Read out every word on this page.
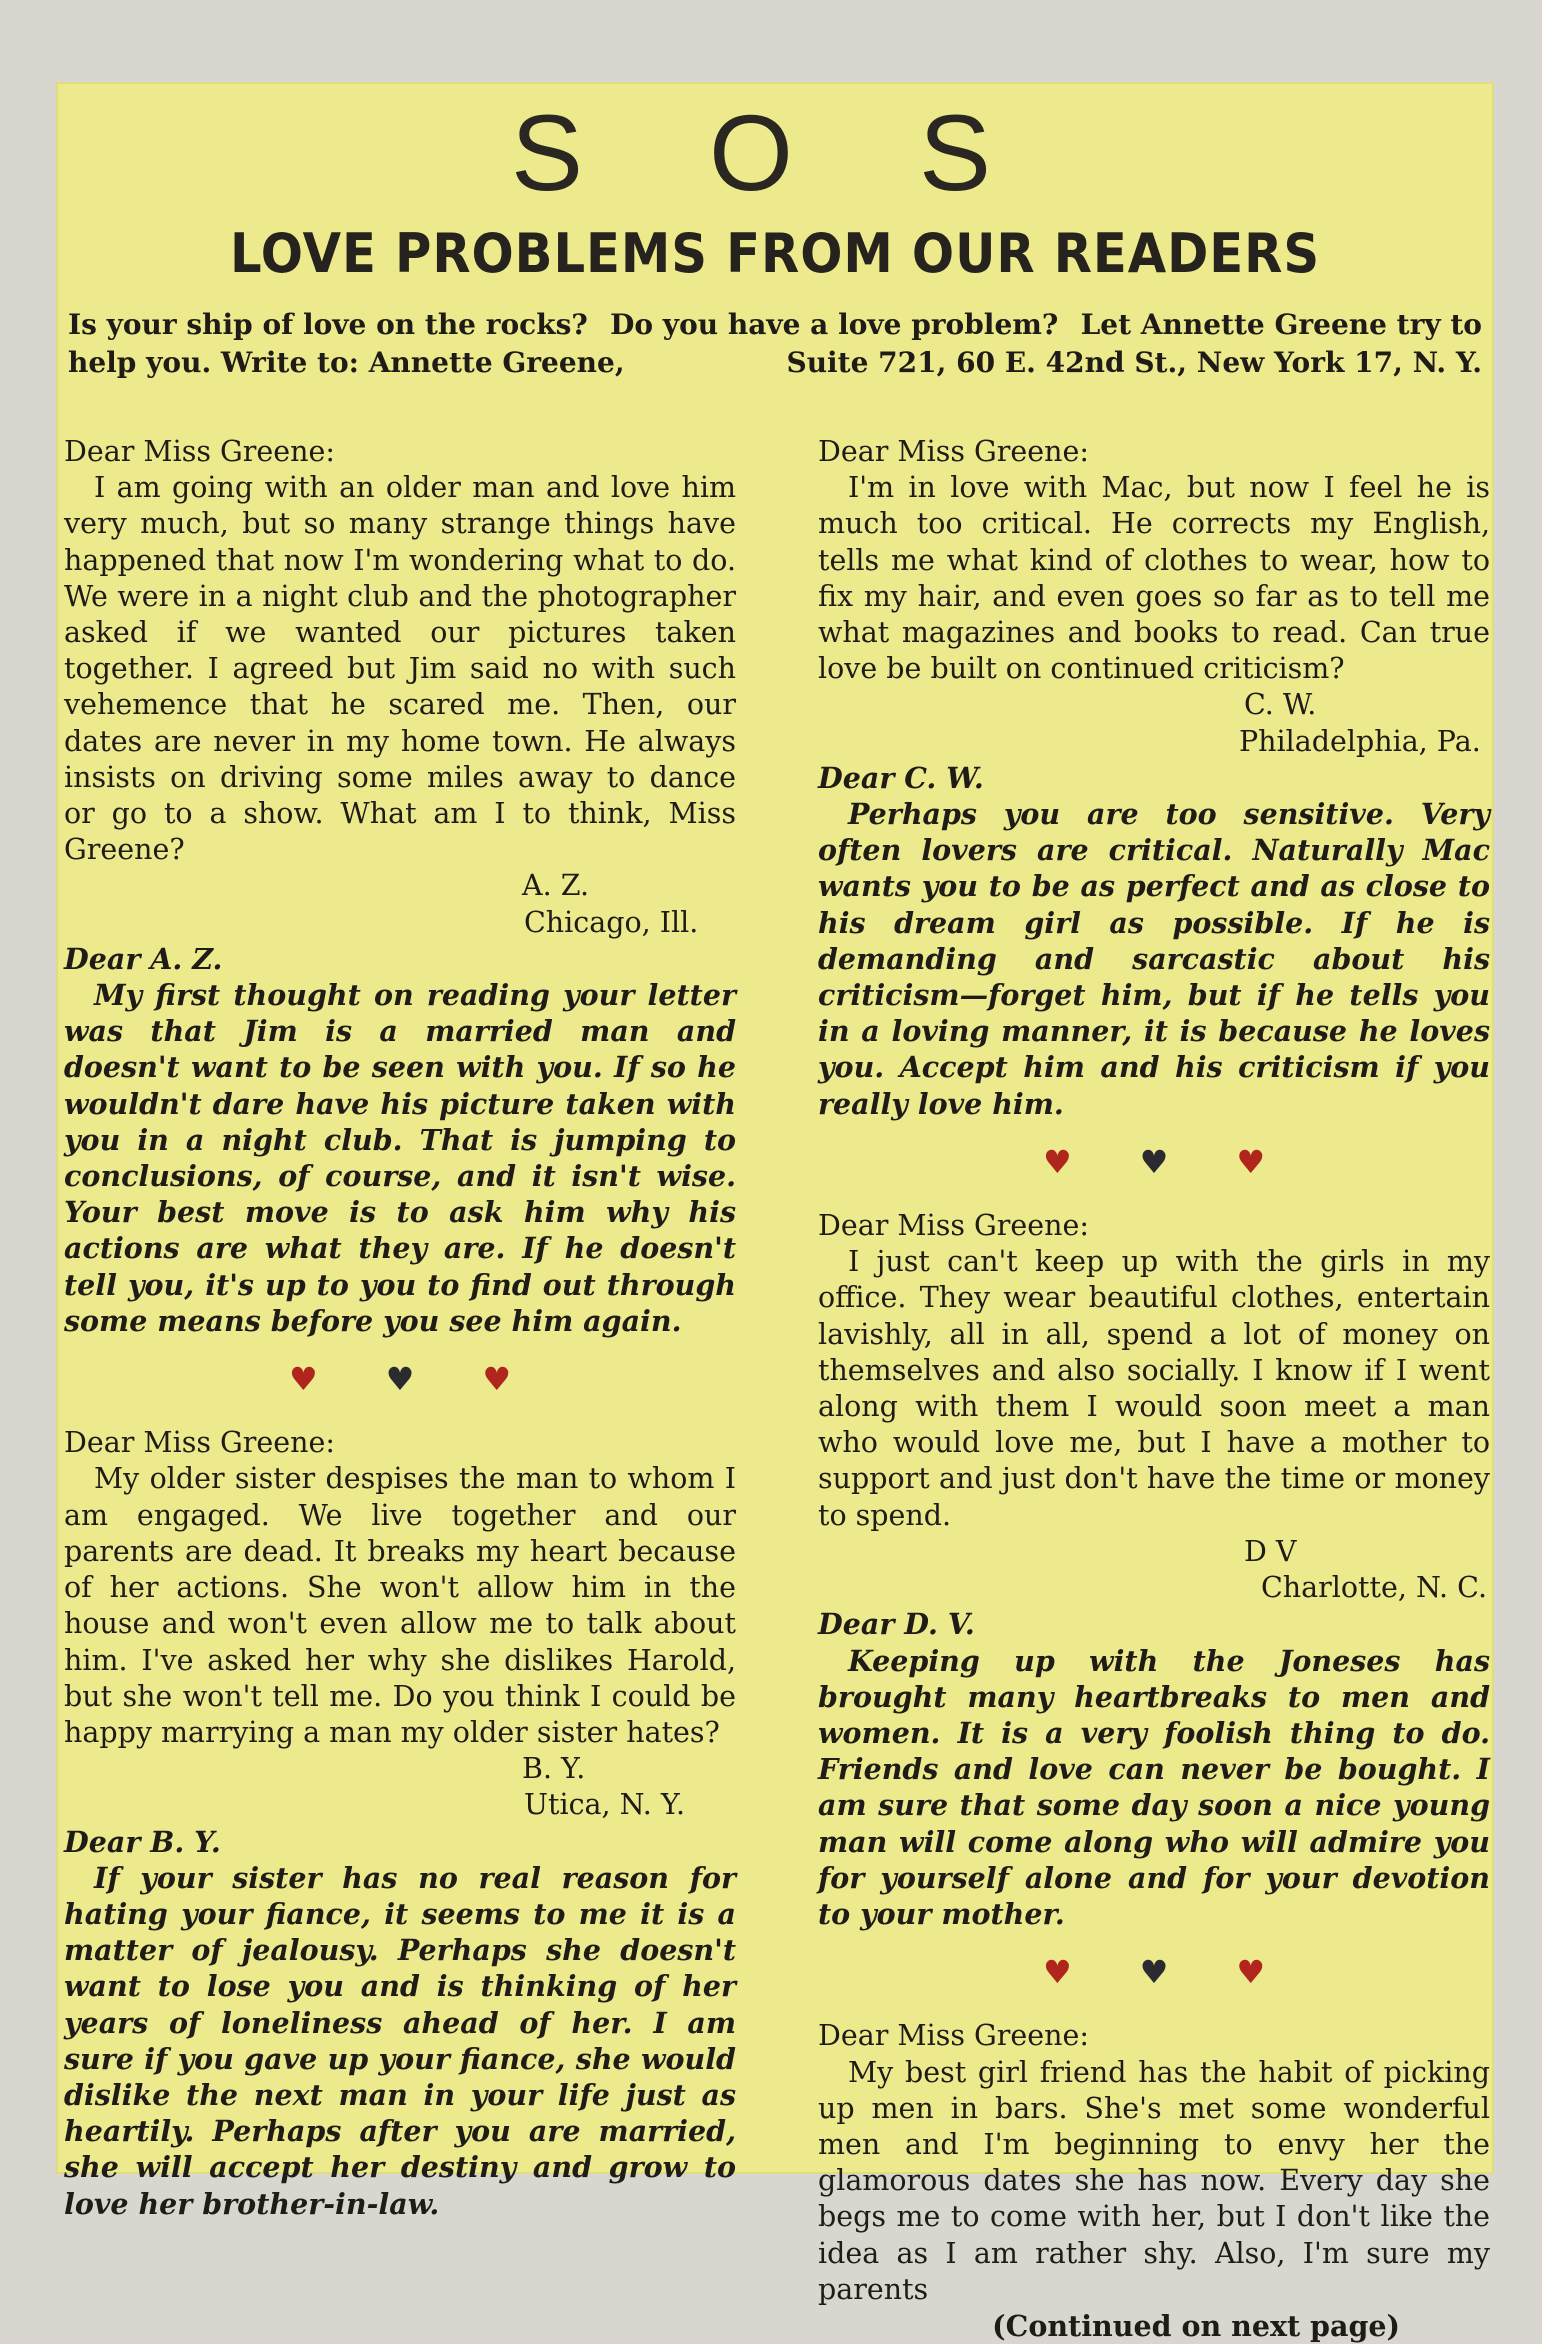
S O S
LOVE PROBLEMS FROM OUR READERS
Is your ship of love on the rocks? Do you have a love problem? Let Annette Greene try to
help you. Write to: Annette Greene,	Suite 721, 60 E. 42nd St., New York 17, N. Y.

Dear Miss Greene:

I am going with an older man and love him very much, but so many strange things have happened that now I'm wondering what to do. We were in a night club and the photographer asked if we wanted our pictures taken together. I agreed but Jim said no with such vehemence that he scared me. Then, our dates are never in my home town. He always insists on driving some miles away to dance or go to a show. What am I to think, Miss Greene?

A. Z.

Chicago, Ill.

Dear A. Z.

My first thought on reading your letter was that Jim is a married man and doesn't want to be seen with you. If so he wouldn't dare have his picture taken with you in a night club. That is jumping to conclusions, of course, and it isn't wise. Your best move is to ask him why his actions are what they are. If he doesn't tell you, it's up to you to find out through some means before you see him again.

♥ ♥ ♥

Dear Miss Greene:

My older sister despises the man to whom I am engaged. We live together and our parents are dead. It breaks my heart because of her actions. She won't allow him in the house and won't even allow me to talk about him. I've asked her why she dislikes Harold, but she won't tell me. Do you think I could be happy marrying a man my older sister hates?

B. Y.

Utica, N. Y.

Dear B. Y.

If your sister has no real reason for hating your fiance, it seems to me it is a matter of jealousy. Perhaps she doesn't want to lose you and is thinking of her years of loneliness ahead of her. I am sure if you gave up your fiance, she would dislike the next man in your life just as heartily. Perhaps after you are married, she will accept her destiny and grow to love her brother-in-law.

Dear Miss Greene:

I'm in love with Mac, but now I feel he is much too critical. He corrects my English, tells me what kind of clothes to wear, how to fix my hair, and even goes so far as to tell me what magazines and books to read. Can true love be built on continued criticism?

C. W.

Philadelphia, Pa.

Dear C. W.

Perhaps you are too sensitive. Very often lovers are critical. Naturally Mac wants you to be as perfect and as close to his dream girl as possible. If he is demanding and sarcastic about his criticism—forget him, but if he tells you in a loving manner, it is because he loves you. Accept him and his criticism if you really love him.

♥ ♥ ♥

Dear Miss Greene:

I just can't keep up with the girls in my office. They wear beautiful clothes, entertain lavishly, all in all, spend a lot of money on themselves and also socially. I know if I went along with them I would soon meet a man who would love me, but I have a mother to support and just don't have the time or money to spend.

D V

Charlotte, N. C.

Dear D. V.

Keeping up with the Joneses has brought many heartbreaks to men and women. It is a very foolish thing to do. Friends and love can never be bought. I am sure that some day soon a nice young man will come along who will admire you for yourself alone and for your devotion to your mother.

♥ ♥ ♥

Dear Miss Greene:

My best girl friend has the habit of picking up men in bars. She's met some wonderful men and I'm beginning to envy her the glamorous dates she has now. Every day she begs me to come with her, but I don't like the idea as I am rather shy. Also, I'm sure my parents

(Continued on next page)
